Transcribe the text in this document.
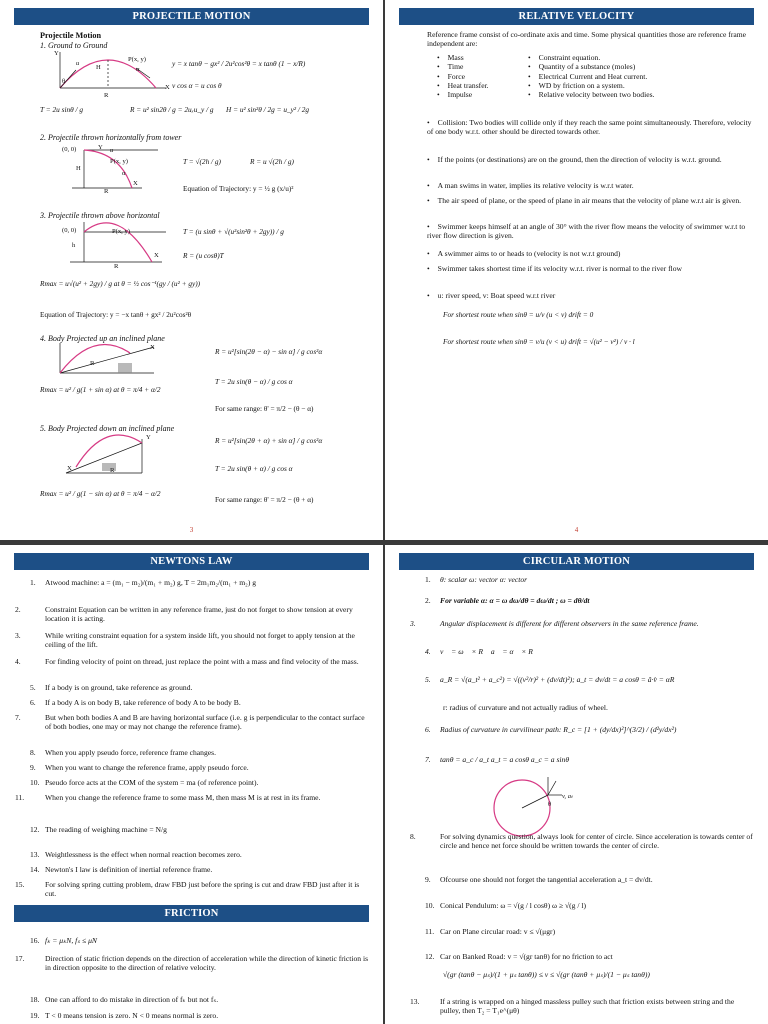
PROJECTILE MOTION
Projectile Motion
1. Ground to Ground
Y
u
H
P(x, y)
α
θ
X
R
y = x tanθ − gx² / 2u²cos²θ = x tanθ (1 − x/R)
v cos α = u cos θ
T = 2u sinθ / g	R = u² sin2θ / g = 2uₓu_y / g H = u² sin²θ / 2g = u_y² / 2g
2. Projectile thrown horizontally from tower
(0, 0)	Y u
P(x, y)
α
H
X
R
T = √(2h / g)	R = u √(2h / g)
Equation of Trajectory: y = ½ g (x/u)²
3. Projectile thrown above horizontal
(0, 0)	P(x, y)
h
X
R
T = (u sinθ + √(u²sin²θ + 2gy)) / g
R = (u cosθ)T
Rmax = u√(u² + 2gy) / g at θ = ½ cos⁻¹(gy / (u² + gy))
Equation of Trajectory: y = −x tanθ + gx² / 2u²cos²θ
4. Body Projected up an inclined plane
X
R
R = u²[sin(2θ − α) − sin α] / g cos²α
Rmax = u² / g(1 + sin α) at θ = π/4 + α/2
T = 2u sin(θ − α) / g cos α
For same range: θ' = π/2 − (θ − α)
5. Body Projected down an inclined plane
X	R
Y	R = u²[sin(2θ + α) + sin α] / g cos²α
T = 2u sin(θ + α) / g cos α
Rmax = u² / g(1 − sin α) at θ = π/4 − α/2
For same range: θ' = π/2 − (θ + α)
3
RELATIVE VELOCITY
Reference frame consist of co-ordinate axis and time. Some physical quantities those are reference frame independent are:
• Mass
• Time
• Force
• Heat transfer.
• Impulse
• Constraint equation.
• Quantity of a substance (moles)
• Electrical Current and Heat current.
• WD by friction on a system.
• Relative velocity between two bodies.
• Collision: Two bodies will collide only if they reach the same point simultaneously. Therefore, velocity of one body w.r.t. other should be directed towards other.
• If the points (or destinations) are on the ground, then the direction of velocity is w.r.t. ground.
• A man swims in water, implies its relative velocity is w.r.t water.
• The air speed of plane, or the speed of plane in air means that the velocity of plane w.r.t air is given.
• Swimmer keeps himself at an angle of 30° with the river flow means the velocity of swimmer w.r.t to river flow direction is given.
• A swimmer aims to or heads to (velocity is not w.r.t ground)
• Swimmer takes shortest time if its velocity w.r.t. river is normal to the river flow
• u: river speed, v: Boat speed w.r.t river
For shortest route when sinθ = u/v (u < v) drift = 0
For shortest route when sinθ = v/u (v < u) drift = √(u² − v²) / v · l
4
NEWTONS LAW
1. Atwood machine: a = (m₁ − m₂)/(m₁ + m₂) g, T = 2m₁m₂/(m₁ + m₂) g
2.	Constraint Equation can be written in any reference frame, just do not forget to show tension at every location it is acting.
3.	While writing constraint equation for a system inside lift, you should not forget to apply tension at the ceiling of the lift.
4.	For finding velocity of point on thread, just replace the point with a mass and find velocity of the mass.
5. If a body is on ground, take reference as ground.
6. If a body A is on body B, take reference of body A to be body B.
7.	But when both bodies A and B are having horizontal surface (i.e. g is perpendicular to the contact surface of both bodies, one may or may not change the reference frame).
8. When you apply pseudo force, reference frame changes.
9. When you want to change the reference frame, apply pseudo force.
10. Pseudo force acts at the COM of the system = ma (of reference point).
11.	When you change the reference frame to some mass M, then mass M is at rest in its frame.
12. The reading of weighing machine = N/g
13. Weightlessness is the effect when normal reaction becomes zero.
14. Newton's I law is definition of inertial reference frame.
15.	For solving spring cutting problem, draw FBD just before the spring is cut and draw FBD just after it is cut.
FRICTION
16. fₖ = μₖN, fₛ ≤ μN
17.	Direction of static friction depends on the direction of acceleration while the direction of kinetic friction is in direction opposite to the direction of relative velocity.
18. One can afford to do mistake in direction of fₖ but not fₛ.
19. T < 0 means tension is zero. N < 0 means normal is zero.
CIRCULAR MOTION
1. θ: scalar ω: vector α: vector
2. For variable α: α = ω dω/dθ = dω/dt ; ω = dθ/dt
3.	Angular displacement is different for different observers in the same reference frame.
4. v⃗ = ω⃗ × R⃗ a⃗ = α⃗ × R⃗
5. a_R = √(a_t² + a_c²) = √((v²/r)² + (dv/dt)²); a_t = dv/dt = a cosθ = â·v̂ = αR
r: radius of curvature and not actually radius of wheel.
6. Radius of curvature in curvilinear path: R_c = [1 + (dy/dx)²]^(3/2) / (d²y/dx²)
7. tanθ = a_c / a_t a_t = a cosθ a_c = a sinθ
v, aₜ
θ
8.	For solving dynamics question, always look for center of circle. Since acceleration is towards center of circle and hence net force should be written towards the center of circle.
9. Ofcourse one should not forget the tangential acceleration a_t = dv/dt.
10. Conical Pendulum: ω = √(g / l cosθ) ω ≥ √(g / l)
11. Car on Plane circular road: v ≤ √(μgr)
12. Car on Banked Road: v = √(gr tanθ) for no friction to act
√(gr (tanθ − μₛ)/(1 + μₛ tanθ)) ≤ v ≤ √(gr (tanθ + μₛ)/(1 − μₛ tanθ))
13.	If a string is wrapped on a hinged massless pulley such that friction exists between string and the pulley, then T₂ = T₁e^(μθ)
